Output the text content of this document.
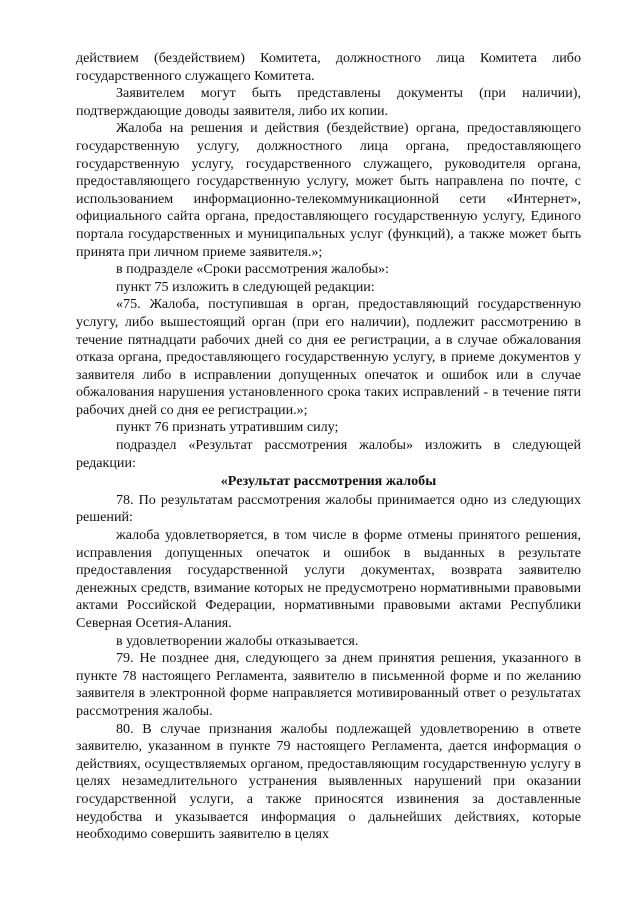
действием (бездействием) Комитета, должностного лица Комитета либо государственного служащего Комитета.

Заявителем могут быть представлены документы (при наличии), подтверждающие доводы заявителя, либо их копии.

Жалоба на решения и действия (бездействие) органа, предоставляющего государственную услугу, должностного лица органа, предоставляющего государственную услугу, государственного служащего, руководителя органа, предоставляющего государственную услугу, может быть направлена по почте, с использованием информационно-телекоммуникационной сети «Интернет», официального сайта органа, предоставляющего государственную услугу, Единого портала государственных и муниципальных услуг (функций), а также может быть принята при личном приеме заявителя.»;

в подразделе «Сроки рассмотрения жалобы»:

пункт 75 изложить в следующей редакции:

«75. Жалоба, поступившая в орган, предоставляющий государственную услугу, либо вышестоящий орган (при его наличии), подлежит рассмотрению в течение пятнадцати рабочих дней со дня ее регистрации, а в случае обжалования отказа органа, предоставляющего государственную услугу, в приеме документов у заявителя либо в исправлении допущенных опечаток и ошибок или в случае обжалования нарушения установленного срока таких исправлений - в течение пяти рабочих дней со дня ее регистрации.»;

пункт 76 признать утратившим силу;

подраздел «Результат рассмотрения жалобы» изложить в следующей редакции:

«Результат рассмотрения жалобы

78. По результатам рассмотрения жалобы принимается одно из следующих решений:

жалоба удовлетворяется, в том числе в форме отмены принятого решения, исправления допущенных опечаток и ошибок в выданных в результате предоставления государственной услуги документах, возврата заявителю денежных средств, взимание которых не предусмотрено нормативными правовыми актами Российской Федерации, нормативными правовыми актами Республики Северная Осетия-Алания.

в удовлетворении жалобы отказывается.

79. Не позднее дня, следующего за днем принятия решения, указанного в пункте 78 настоящего Регламента, заявителю в письменной форме и по желанию заявителя в электронной форме направляется мотивированный ответ о результатах рассмотрения жалобы.

80. В случае признания жалобы подлежащей удовлетворению в ответе заявителю, указанном в пункте 79 настоящего Регламента, дается информация о действиях, осуществляемых органом, предоставляющим государственную услугу в целях незамедлительного устранения выявленных нарушений при оказании государственной услуги, а также приносятся извинения за доставленные неудобства и указывается информация о дальнейших действиях, которые необходимо совершить заявителю в целях
